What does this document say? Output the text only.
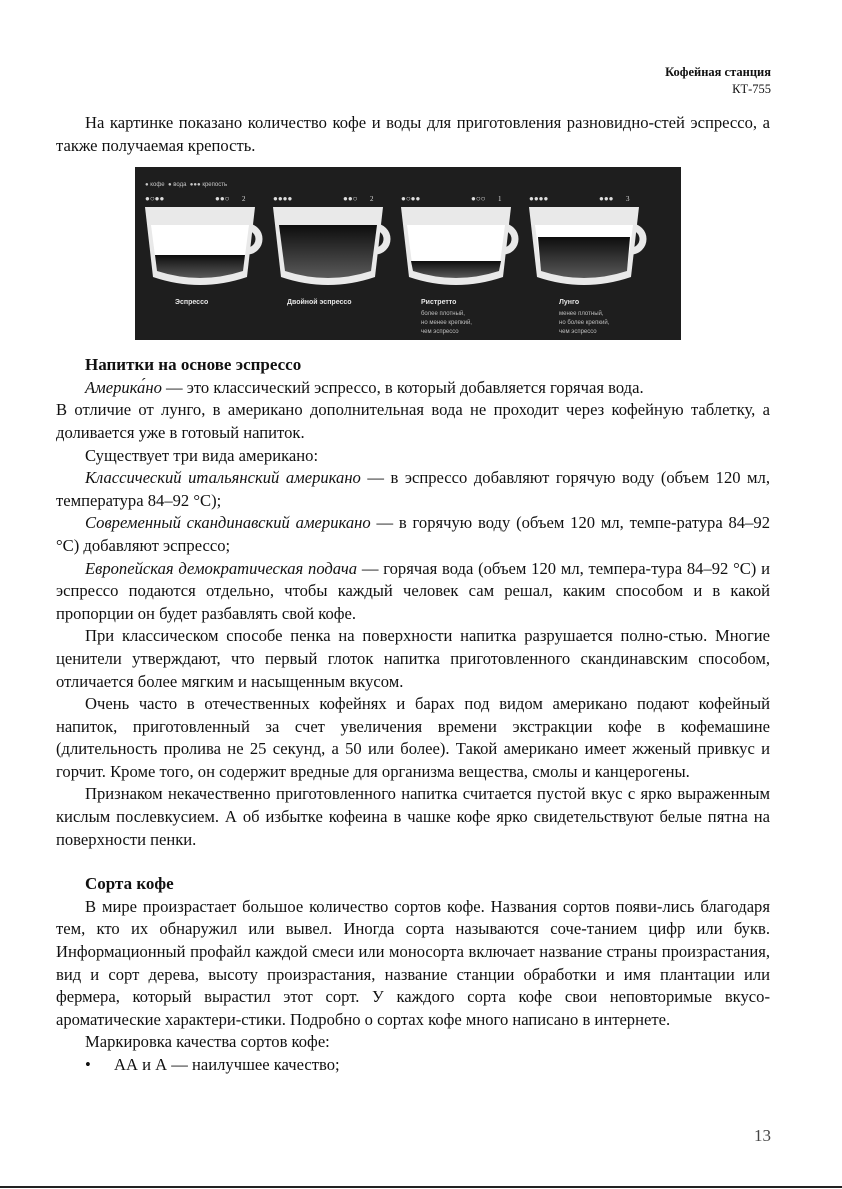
Кофейная станция
КТ-755

На картинке показано количество кофе и воды для приготовления разновидно-стей эспрессо, а также получаемая крепость.

● кофе ● вода ●●● крепость
●○●●	●●○ 2
Эспрессо
●●●●	●●○ 2
Двойной эспрессо
●○●●	●○○ 1
Ристретто
более плотный,
но менее крепкий,
чем эспрессо
●●●●	●●● 3
Лунго
менее плотный,
но более крепкий,
чем эспрессо
Напитки на основе эспрессо

Америка́но — это классический эспрессо, в который добавляется горячая вода.

В отличие от лунго, в американо дополнительная вода не проходит через кофейную таблетку, а доливается уже в готовый напиток.

Существует три вида американо:

Классический итальянский американо — в эспрессо добавляют горячую воду (объем 120 мл, температура 84–92 °С);

Современный скандинавский американо — в горячую воду (объем 120 мл, темпе-ратура 84–92 °С) добавляют эспрессо;

Европейская демократическая подача — горячая вода (объем 120 мл, темпера-тура 84–92 °С) и эспрессо подаются отдельно, чтобы каждый человек сам решал, каким способом и в какой пропорции он будет разбавлять свой кофе.

При классическом способе пенка на поверхности напитка разрушается полно-стью. Многие ценители утверждают, что первый глоток напитка приготовленного скандинавским способом, отличается более мягким и насыщенным вкусом.

Очень часто в отечественных кофейнях и барах под видом американо подают кофейный напиток, приготовленный за счет увеличения времени экстракции кофе в кофемашине (длительность пролива не 25 секунд, а 50 или более). Такой американо имеет жженый привкус и горчит. Кроме того, он содержит вредные для организма вещества, смолы и канцерогены.

Признаком некачественно приготовленного напитка считается пустой вкус с ярко выраженным кислым послевкусием. А об избытке кофеина в чашке кофе ярко свидетельствуют белые пятна на поверхности пенки.

Сорта кофе

В мире произрастает большое количество сортов кофе. Названия сортов появи-лись благодаря тем, кто их обнаружил или вывел. Иногда сорта называются соче-танием цифр или букв. Информационный профайл каждой смеси или моносорта включает название страны произрастания, вид и сорт дерева, высоту произрастания, название станции обработки и имя плантации или фермера, который вырастил этот сорт. У каждого сорта кофе свои неповторимые вкусо-ароматические характери-стики. Подробно о сортах кофе много написано в интернете.

Маркировка качества сортов кофе:

• АА и А — наилучшее качество;
13
